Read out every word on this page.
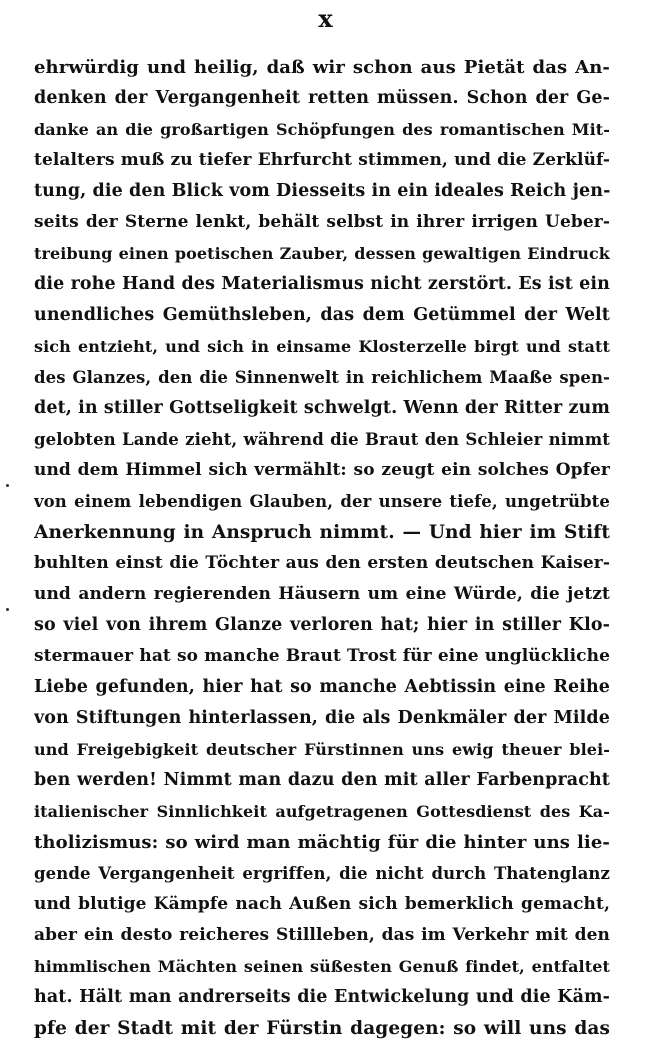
x
ehrwürdig und heilig, daß wir schon aus Pietät das An-
denken der Vergangenheit retten müssen. Schon der Ge-
danke an die großartigen Schöpfungen des romantischen Mit-
telalters muß zu tiefer Ehrfurcht stimmen, und die Zerklüf-
tung, die den Blick vom Diesseits in ein ideales Reich jen-
seits der Sterne lenkt, behält selbst in ihrer irrigen Ueber-
treibung einen poetischen Zauber, dessen gewaltigen Eindruck
die rohe Hand des Materialismus nicht zerstört. Es ist ein
unendliches Gemüthsleben, das dem Getümmel der Welt
sich entzieht, und sich in einsame Klosterzelle birgt und statt
des Glanzes, den die Sinnenwelt in reichlichem Maaße spen-
det, in stiller Gottseligkeit schwelgt. Wenn der Ritter zum
gelobten Lande zieht, während die Braut den Schleier nimmt
und dem Himmel sich vermählt: so zeugt ein solches Opfer
von einem lebendigen Glauben, der unsere tiefe, ungetrübte
Anerkennung in Anspruch nimmt. — Und hier im Stift
buhlten einst die Töchter aus den ersten deutschen Kaiser-
und andern regierenden Häusern um eine Würde, die jetzt
so viel von ihrem Glanze verloren hat; hier in stiller Klo-
stermauer hat so manche Braut Trost für eine unglückliche
Liebe gefunden, hier hat so manche Aebtissin eine Reihe
von Stiftungen hinterlassen, die als Denkmäler der Milde
und Freigebigkeit deutscher Fürstinnen uns ewig theuer blei-
ben werden! Nimmt man dazu den mit aller Farbenpracht
italienischer Sinnlichkeit aufgetragenen Gottesdienst des Ka-
tholizismus: so wird man mächtig für die hinter uns lie-
gende Vergangenheit ergriffen, die nicht durch Thatenglanz
und blutige Kämpfe nach Außen sich bemerklich gemacht,
aber ein desto reicheres Stillleben, das im Verkehr mit den
himmlischen Mächten seinen süßesten Genuß findet, entfaltet
hat. Hält man andrerseits die Entwickelung und die Käm-
pfe der Stadt mit der Fürstin dagegen: so will uns das
